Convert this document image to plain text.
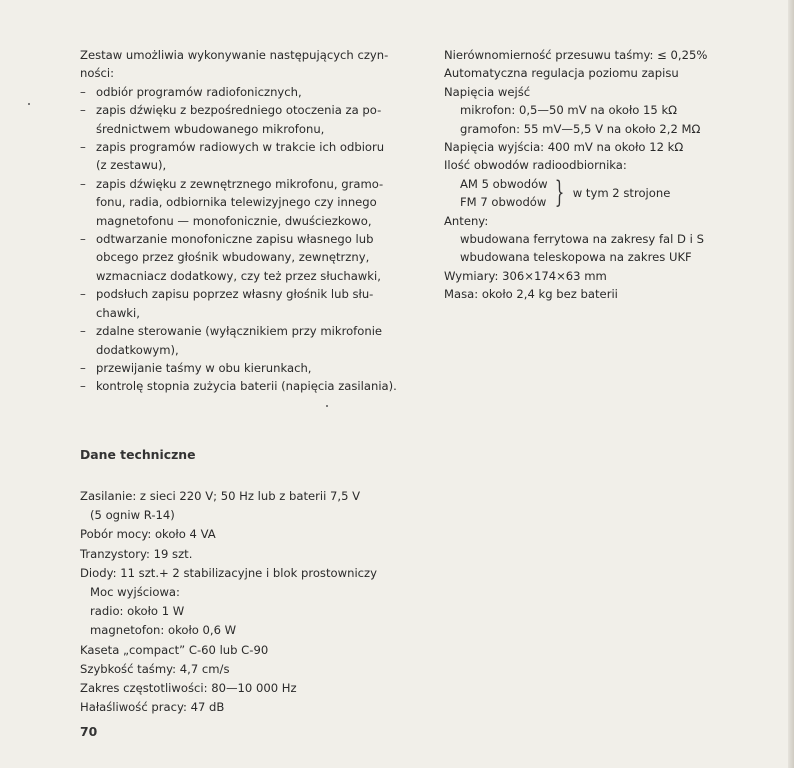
Zestaw umożliwia wykonywanie następujących czyn-
ności:
– odbiór programów radiofonicznych,
– zapis dźwięku z bezpośredniego otoczenia za po-
średnictwem wbudowanego mikrofonu,
– zapis programów radiowych w trakcie ich odbioru
(z zestawu),
– zapis dźwięku z zewnętrznego mikrofonu, gramo-
fonu, radia, odbiornika telewizyjnego czy innego
magnetofonu — monofonicznie, dwuściezkowo,
– odtwarzanie monofoniczne zapisu własnego lub
obcego przez głośnik wbudowany, zewnętrzny,
wzmacniacz dodatkowy, czy też przez słuchawki,
– podsłuch zapisu poprzez własny głośnik lub słu-
chawki,
– zdalne sterowanie (wyłącznikiem przy mikrofonie
dodatkowym),
– przewijanie taśmy w obu kierunkach,
– kontrolę stopnia zużycia baterii (napięcia zasilania).
Dane techniczne
Zasilanie: z sieci 220 V; 50 Hz lub z baterii 7,5 V
(5 ogniw R-14)
Pobór mocy: około 4 VA
Tranzystory: 19 szt.
Diody: 11 szt.+ 2 stabilizacyjne i blok prostowniczy
Moc wyjściowa:
radio: około 1 W
magnetofon: około 0,6 W
Kaseta „compact” C-60 lub C-90
Szybkość taśmy: 4,7 cm/s
Zakres częstotliwości: 80—10 000 Hz
Hałaśliwość pracy: 47 dB
Nierównomierność przesuwu taśmy: ≤ 0,25%
Automatyczna regulacja poziomu zapisu
Napięcia wejść
mikrofon: 0,5—50 mV na około 15 kΩ
gramofon: 55 mV—5,5 V na około 2,2 MΩ
Napięcia wyjścia: 400 mV na około 12 kΩ
Ilość obwodów radioodbiornika:
AM 5 obwodów
FM 7 obwodów } w tym 2 strojone
Anteny:
wbudowana ferrytowa na zakresy fal D i S
wbudowana teleskopowa na zakres UKF
Wymiary: 306×174×63 mm
Masa: około 2,4 kg bez baterii
70
